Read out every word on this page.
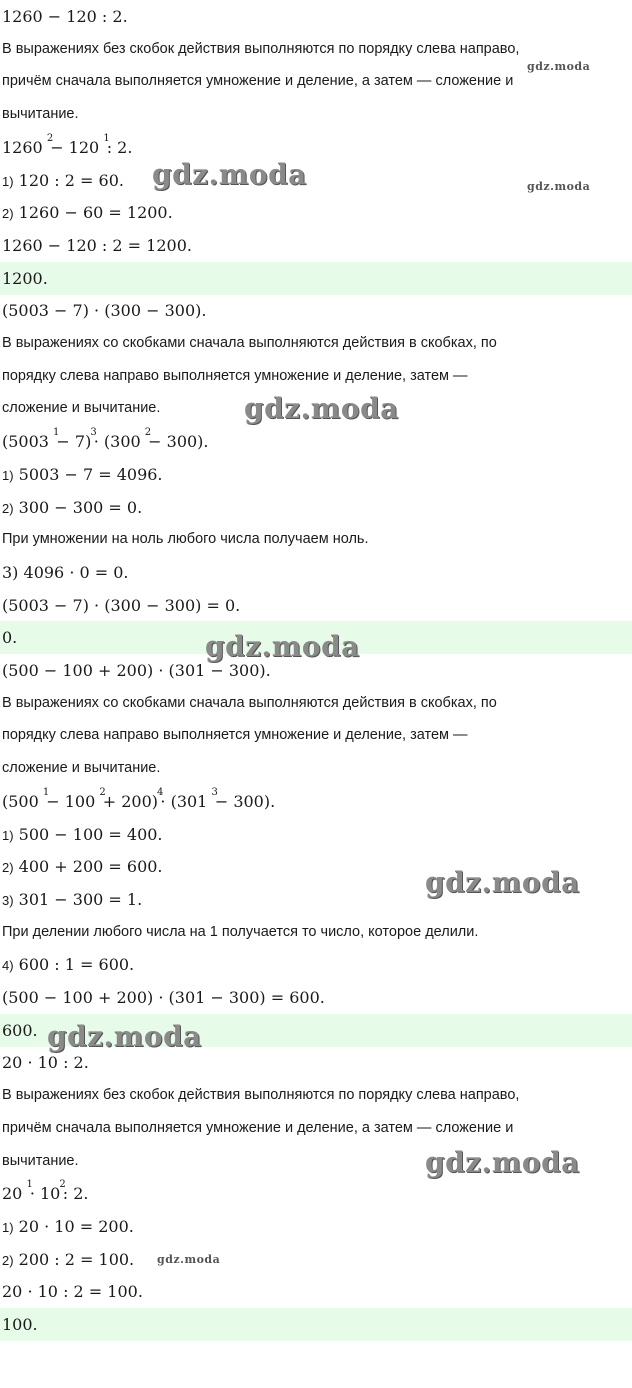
1260 − 120 : 2.
В выражениях без скобок действия выполняются по порядку слева направо,
причём сначала выполняется умножение и деление, а затем — сложение и
вычитание.
1260 $^2$− 120 $^1$: 2.
1) 120 : 2 = 60.
2) 1260 − 60 = 1200.
1260 − 120 : 2 = 1200.
1200.
(5003 − 7) · (300 − 300).
В выражениях со скобками сначала выполняются действия в скобках, по
порядку слева направо выполняется умножение и деление, затем —
сложение и вычитание.
(5003 $^1$− 7)$^3$· (300 $^2$− 300).
1) 5003 − 7 = 4096.
2) 300 − 300 = 0.
При умножении на ноль любого числа получаем ноль.
3) 4096 · 0 = 0.
(5003 − 7) · (300 − 300) = 0.
0.
(500 − 100 + 200) · (301 − 300).
В выражениях со скобками сначала выполняются действия в скобках, по
порядку слева направо выполняется умножение и деление, затем —
сложение и вычитание.
(500 $^1$− 100 $^2$+ 200)$^4$· (301 $^3$− 300).
1) 500 − 100 = 400.
2) 400 + 200 = 600.
3) 301 − 300 = 1.
При делении любого числа на 1 получается то число, которое делили.
4) 600 : 1 = 600.
(500 − 100 + 200) · (301 − 300) = 600.
600.
20 · 10 : 2.
В выражениях без скобок действия выполняются по порядку слева направо,
причём сначала выполняется умножение и деление, а затем — сложение и
вычитание.
20 $^1\cdot 10^2$: 2.
1) 20 · 10 = 200.
2) 200 : 2 = 100.
20 · 10 : 2 = 100.
100.
gdz.moda
gdz.moda	gdz.moda
gdz.moda
gdz.moda
gdz.moda
gdz.moda
gdz.moda
gdz.moda
